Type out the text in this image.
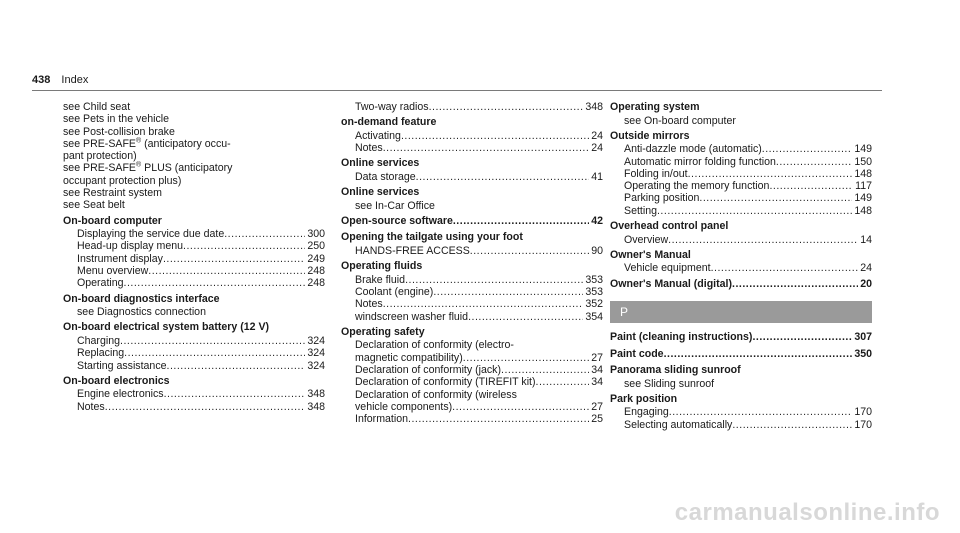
438 Index
see Child seat
see Pets in the vehicle
see Post-collision brake
see PRE-SAFE® (anticipatory occu-
pant protection)
see PRE-SAFE® PLUS (anticipatory
occupant protection plus)
see Restraint system
see Seat belt
On-board computer
Displaying the service due date .....	300
Head-up display menu .....	250
Instrument display .....	249
Menu overview .....	248
Operating .....	248
On-board diagnostics interface
see Diagnostics connection
On-board electrical system battery (12 V)
Charging .....	324
Replacing .....	324
Starting assistance .....	324
On-board electronics
Engine electronics .....	348
Notes .....	348
Two-way radios .....	348
on-demand feature
Activating .....	24
Notes .....	24
Online services
Data storage .....	41
Online services
see In-Car Office
Open-source software .....	42
Opening the tailgate using your foot
HANDS-FREE ACCESS .....	90
Operating fluids
Brake fluid .....	353
Coolant (engine) .....	353
Notes .....	352
windscreen washer fluid .....	354
Operating safety
Declaration of conformity (electro-
magnetic compatibility) .....	27
Declaration of conformity (jack) .....	34
Declaration of conformity (TIREFIT kit) .....	34
Declaration of conformity (wireless
vehicle components) .....	27
Information .....	25
Operating system
see On-board computer
Outside mirrors
Anti-dazzle mode (automatic) .....	149
Automatic mirror folding function .....	150
Folding in/out .....	148
Operating the memory function .....	117
Parking position .....	149
Setting .....	148
Overhead control panel
Overview .....	14
Owner's Manual
Vehicle equipment .....	24
Owner's Manual (digital) .....	20
P
Paint (cleaning instructions) .....	307
Paint code .....	350
Panorama sliding sunroof
see Sliding sunroof
Park position
Engaging .....	170
Selecting automatically .....	170
carmanualsonline.info
